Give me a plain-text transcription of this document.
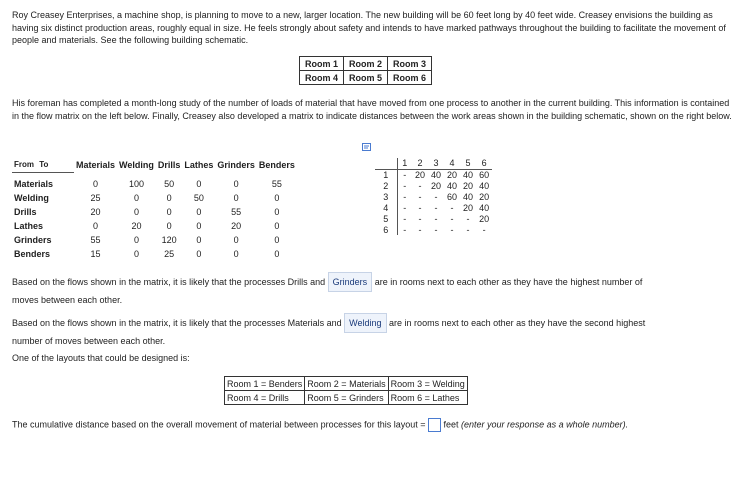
Roy Creasey Enterprises, a machine shop, is planning to move to a new, larger location. The new building will be 60 feet long by 40 feet wide. Creasey envisions the building as having six distinct production areas, roughly equal in size. He feels strongly about safety and intends to have marked pathways throughout the building to facilitate the movement of people and materials. See the following building schematic.

Room 1	Room 2	Room 3
Room 4	Room 5	Room 6

His foreman has completed a month-long study of the number of loads of material that have moved from one process to another in the current building. This information is contained in the flow matrix on the left below. Finally, Creasey also developed a matrix to indicate distances between the work areas shown in the building schematic, shown on the right below.

From To	Materials	Welding	Drills	Lathes	Grinders	Benders

Materials	0	100	50	0	0	55
Welding	25	0	0	50	0	0
Drills	20	0	0	0	55	0
Lathes	0	20	0	0	20	0
Grinders	55	0	120	0	0	0
Benders	15	0	25	0	0	0
	1	2	3	4	5	6
1	-	20	40	20	40	60
2	-	-	20	40	20	40
3	-	-	-	60	40	20
4	-	-	-	-	20	40
5	-	-	-	-	-	20
6	-	-	-	-	-	-
Based on the flows shown in the matrix, it is likely that the processes Drills and Grinders are in rooms next to each other as they have the highest number of
moves between each other.
Based on the flows shown in the matrix, it is likely that the processes Materials and Welding are in rooms next to each other as they have the second highest
number of moves between each other.

One of the layouts that could be designed is:

Room 1 = Benders	Room 2 = Materials	Room 3 = Welding
Room 4 = Drills	Room 5 = Grinders	Room 6 = Lathes
The cumulative distance based on the overall movement of material between processes for this layout = feet (enter your response as a whole number).
